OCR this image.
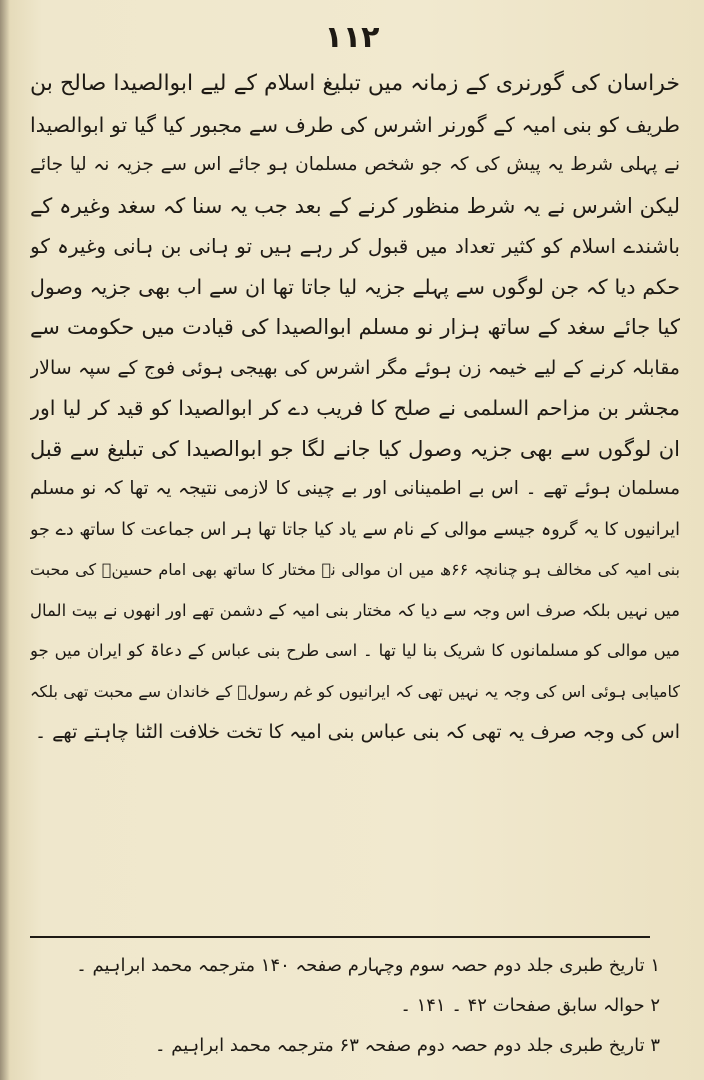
١١٢
خراسان کی گورنری کے زمانہ میں تبلیغ اسلام کے لیے ابوالصیدا صالح بن
طریف کو بنی امیہ کے گورنر اشرس کی طرف سے مجبور کیا گیا تو ابوالصیدا
نے پہلی شرط یہ پیش کی کہ جو شخص مسلمان ہو جائے اس سے جزیہ نہ لیا جائے
لیکن اشرس نے یہ شرط منظور کرنے کے بعد جب یہ سنا کہ سغد وغیرہ کے
باشندے اسلام کو کثیر تعداد میں قبول کر رہے ہیں تو ہانی بن ہانی وغیرہ کو
حکم دیا کہ جن لوگوں سے پہلے جزیہ لیا جاتا تھا ان سے اب بھی جزیہ وصول
کیا جائے سغد کے ساتھ ہزار نو مسلم ابوالصیدا کی قیادت میں حکومت سے
مقابلہ کرنے کے لیے خیمہ زن ہوئے مگر اشرس کی بھیجی ہوئی فوج کے سپہ سالار
مجشر بن مزاحم السلمی نے صلح کا فریب دے کر ابوالصیدا کو قید کر لیا اور
ان لوگوں سے بھی جزیہ وصول کیا جانے لگا جو ابوالصیدا کی تبلیغ سے قبل
مسلمان ہوئے تھے ۔ اس بے اطمینانی اور بے چینی کا لازمی نتیجہ یہ تھا کہ نو مسلم
ایرانیوں کا یہ گروہ جیسے موالی کے نام سے یاد کیا جاتا تھا ہر اس جماعت کا ساتھ دے جو
بنی امیہ کی مخالف ہو چنانچہ ۶۶ھ میں ان موالی نے مختار کا ساتھ بھی امام حسینؑ کی محبت
میں نہیں بلکہ صرف اس وجہ سے دیا کہ مختار بنی امیہ کے دشمن تھے اور انھوں نے بیت المال
میں موالی کو مسلمانوں کا شریک بنا لیا تھا ۔ اسی طرح بنی عباس کے دعاۃ کو ایران میں جو
کامیابی ہوئی اس کی وجہ یہ نہیں تھی کہ ایرانیوں کو غم رسولؐ کے خاندان سے محبت تھی بلکہ
اس کی وجہ صرف یہ تھی کہ بنی عباس بنی امیہ کا تخت خلافت الٹنا چاہتے تھے ۔
۱ تاریخ طبری جلد دوم حصہ سوم وچہارم صفحہ ۱۴۰ مترجمہ محمد ابراہیم ۔
۲ حوالہ سابق صفحات ۴۲ ۔ ۱۴۱ ۔
۳ تاریخ طبری جلد دوم حصہ دوم صفحہ ۶۳ مترجمہ محمد ابراہیم ۔
